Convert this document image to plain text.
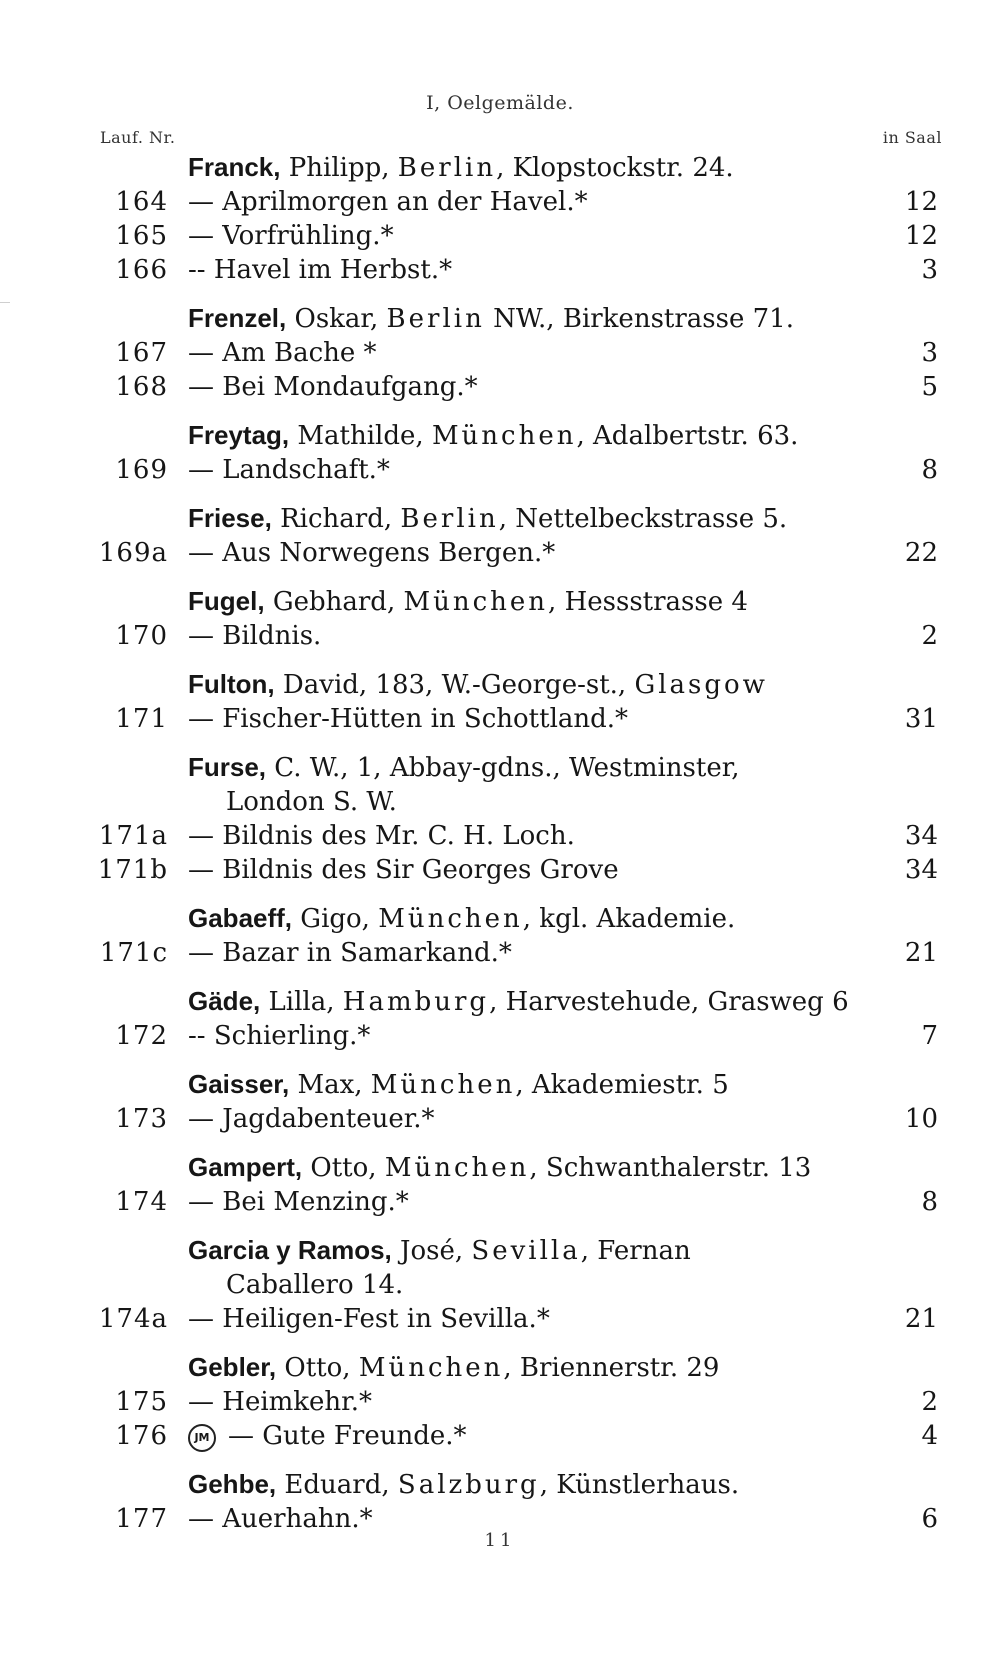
I, Oelgemälde.
Lauf. Nr.	in Saal
Franck, Philipp, Berlin, Klopstockstr. 24.
164 — Aprilmorgen an der Havel.*	12
165 — Vorfrühling.*	12
166 -- Havel im Herbst.*	3
Frenzel, Oskar, Berlin NW., Birkenstrasse 71.
167 — Am Bache *	3
168 — Bei Mondaufgang.*	5
Freytag, Mathilde, München, Adalbertstr. 63.
169 — Landschaft.*	8
Friese, Richard, Berlin, Nettelbeckstrasse 5.
169a — Aus Norwegens Bergen.*	22
Fugel, Gebhard, München, Hessstrasse 4
170 — Bildnis.	2
Fulton, David, 183, W.-George-st., Glasgow
171 — Fischer-Hütten in Schottland.*	31
Furse, C. W., 1, Abbay-gdns., Westminster,
London S. W.
171a — Bildnis des Mr. C. H. Loch.	34
171b — Bildnis des Sir Georges Grove	34
Gabaeff, Gigo, München, kgl. Akademie.
171c — Bazar in Samarkand.*	21
Gäde, Lilla, Hamburg, Harvestehude, Grasweg 6
172 -- Schierling.*	7
Gaisser, Max, München, Akademiestr. 5
173 — Jagdabenteuer.*	10
Gampert, Otto, München, Schwanthalerstr. 13
174 — Bei Menzing.*	8
Garcia y Ramos, José, Sevilla, Fernan
Caballero 14.
174a — Heiligen-Fest in Sevilla.*	21
Gebler, Otto, München, Briennerstr. 29
175 — Heimkehr.*	2
176	JM — Gute Freunde.*	4
Gehbe, Eduard, Salzburg, Künstlerhaus.
177 — Auerhahn.*	6
11
